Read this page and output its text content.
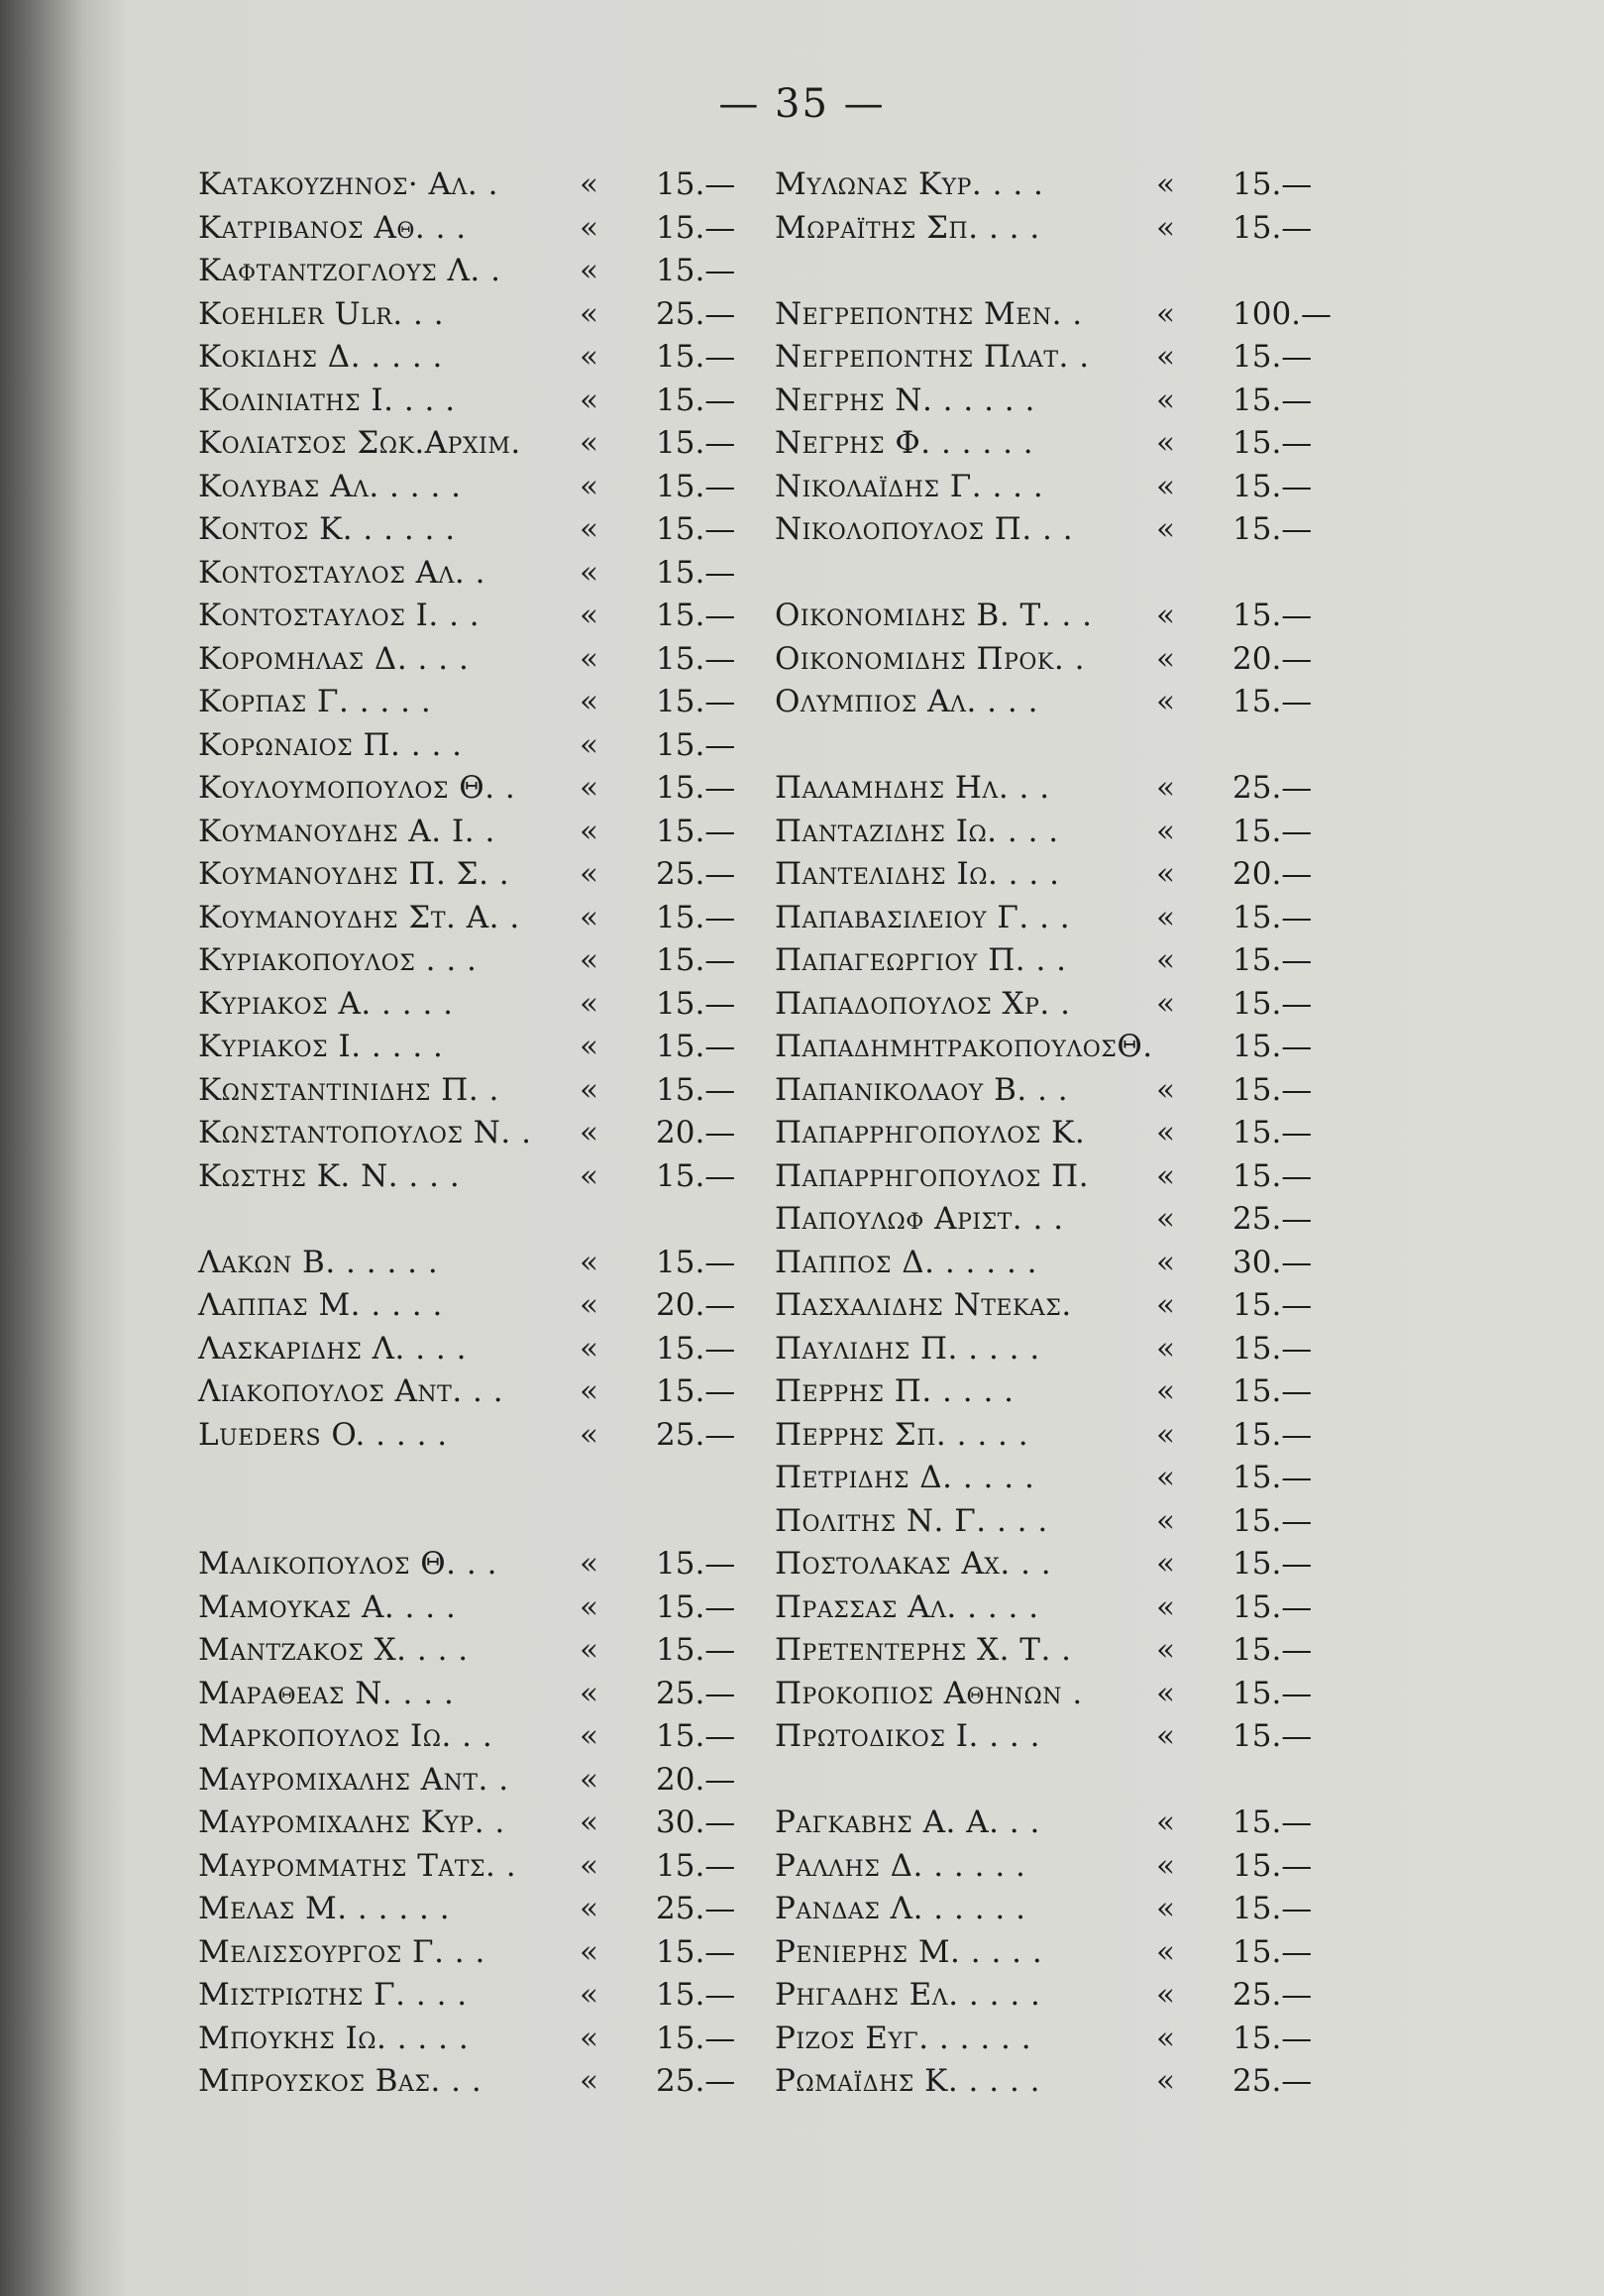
— 35 —
Κατακουζηνος· Αλ. .	« 15.—
Κατριβανος Αθ. . .	« 15.—
Καφταντζογλους Λ. .	« 15.—
Koehler Ulr. . .	« 25.—
Κοκιδης Δ. . . . .	« 15.—
Κολινιατης Ι. . . .	« 15.—
Κολιατσος Σωκ.Αρχιμ. « 15.—
Κολυβας Αλ. . . . .	« 15.—
Κοντος Κ. . . . . .	« 15.—
Κοντοσταυλος Αλ. .	« 15.—
Κοντοσταυλος Ι. . .	« 15.—
Κορομηλας Δ. . . .	« 15.—
Κορπας Γ. . . . .	« 15.—
Κορωναιος Π. . . .	« 15.—
Κουλουμοπουλος Θ. . « 15.—
Κουμανουδης Α. Ι. .	« 15.—
Κουμανουδης Π. Σ. . « 25.—
Κουμανουδης Στ. Α. . « 15.—
Κυριακοπουλος . . .	« 15.—
Κυριακος Α. . . . .	« 15.—
Κυριακος Ι. . . . .	« 15.—
Κωνσταντινιδης Π. .	« 15.—
Κωνσταντοπουλος Ν. . « 20.—
Κωστης Κ. Ν. . . .	« 15.—
Λακων Β. . . . . .	« 15.—
Λαππας Μ. . . . .	« 20.—
Λασκαριδης Λ. . . .	« 15.—
Λιακοπουλος Αντ. . . « 15.—
Lueders O. . . . .	« 25.—
Μαλικοπουλος Θ. . .	« 15.—
Μαμουκας Α. . . .	« 15.—
Μαντζακος Χ. . . .	« 15.—
Μαραθεας Ν. . . .	« 25.—
Μαρκοπουλος Ιω. . .	« 15.—
Μαυρομιχαλης Αντ. . « 20.—
Μαυρομιχαλης Κυρ. . « 30.—
Μαυρομματης Τατσ. . « 15.—
Μελας Μ. . . . . .	« 25.—
Μελισσουργος Γ. . .	« 15.—
Μιστριωτης Γ. . . .	« 15.—
Μπουκης Ιω. . . . .	« 15.—
Μπρουσκος Βασ. . .	« 25.—
Μυλωνας Κυρ. . . .	« 15.—
Μωραϊτης Σπ. . . .	« 15.—
Νεγρεποντης Μεν. . « 100.—
Νεγρεποντης Πλατ. . « 15.—
Νεγρης Ν. . . . . .	« 15.—
Νεγρης Φ. . . . . .	« 15.—
Νικολαϊδης Γ. . . .	« 15.—
Νικολοπουλος Π. . .	« 15.—
Οικονομιδης Β. Τ. . . « 15.—
Οικονομιδης Προκ. . « 20.—
Ολυμπιος Αλ. . . .	« 15.—
Παλαμηδης Ηλ. . .	« 25.—
Πανταζιδης Ιω. . . .	« 15.—
Παντελιδης Ιω. . . .	« 20.—
Παπαβασιλειου Γ. . .	« 15.—
Παπαγεωργιου Π. . .	« 15.—
Παπαδοπουλος Χρ. .	« 15.—
ΠαπαδημητρακοπουλοςΘ.	15.—
Παπανικολαου Β. . .	« 15.—
Παπαρρηγοπουλος Κ. « 15.—
Παπαρρηγοπουλος Π. « 15.—
Παπουλωφ Αριστ. . .	« 25.—
Παππος Δ. . . . . .	« 30.—
Πασχαλιδης Ντεκας.	« 15.—
Παυλιδης Π. . . . .	« 15.—
Περρης Π. . . . .	« 15.—
Περρης Σπ. . . . .	« 15.—
Πετριδης Δ. . . . .	« 15.—
Πολιτης Ν. Γ. . . .	« 15.—
Ποστολακας Αχ. . .	« 15.—
Πρασσας Αλ. . . . .	« 15.—
Πρετεντερης Χ. Τ. .	« 15.—
Προκοπιος Αθηνων . « 15.—
Πρωτοδικος Ι. . . .	« 15.—
Ραγκαβης Α. Α. . .	« 15.—
Ραλλης Δ. . . . . .	« 15.—
Ρανδας Λ. . . . . .	« 15.—
Ρενιερης Μ. . . . .	« 15.—
Ρηγαδης Ελ. . . . .	« 25.—
Ριζος Ευγ. . . . . .	« 15.—
Ρωμαϊδης Κ. . . . .	« 25.—
